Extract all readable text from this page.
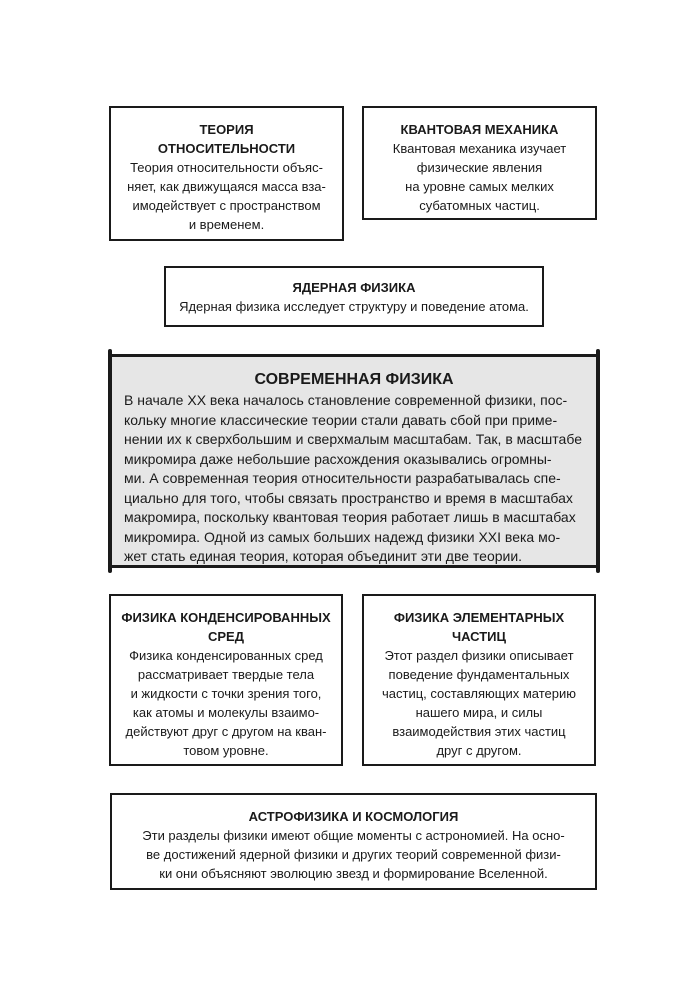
ТЕОРИЯ
ОТНОСИТЕЛЬНОСТИ
Теория относительности объяс-
няет, как движущаяся масса вза-
имодействует с пространством
и временем.
КВАНТОВАЯ МЕХАНИКА
Квантовая механика изучает
физические явления
на уровне самых мелких
субатомных частиц.
ЯДЕРНАЯ ФИЗИКА
Ядерная физика исследует структуру и поведение атома.
СОВРЕМЕННАЯ ФИЗИКА
В начале XX века началось становление современной физики, пос-
кольку многие классические теории стали давать сбой при приме-
нении их к сверхбольшим и сверхмалым масштабам. Так, в масштабе
микромира даже небольшие расхождения оказывались огромны-
ми. А современная теория относительности разрабатывалась спе-
циально для того, чтобы связать пространство и время в масштабах
макромира, поскольку квантовая теория работает лишь в масштабах
микромира. Одной из самых больших надежд физики XXI века мо-
жет стать единая теория, которая объединит эти две теории.
ФИЗИКА КОНДЕНСИРОВАННЫХ
СРЕД
Физика конденсированных сред
рассматривает твердые тела
и жидкости с точки зрения того,
как атомы и молекулы взаимо-
действуют друг с другом на кван-
товом уровне.
ФИЗИКА ЭЛЕМЕНТАРНЫХ
ЧАСТИЦ
Этот раздел физики описывает
поведение фундаментальных
частиц, составляющих материю
нашего мира, и силы
взаимодействия этих частиц
друг с другом.
АСТРОФИЗИКА И КОСМОЛОГИЯ
Эти разделы физики имеют общие моменты с астрономией. На осно-
ве достижений ядерной физики и других теорий современной физи-
ки они объясняют эволюцию звезд и формирование Вселенной.
